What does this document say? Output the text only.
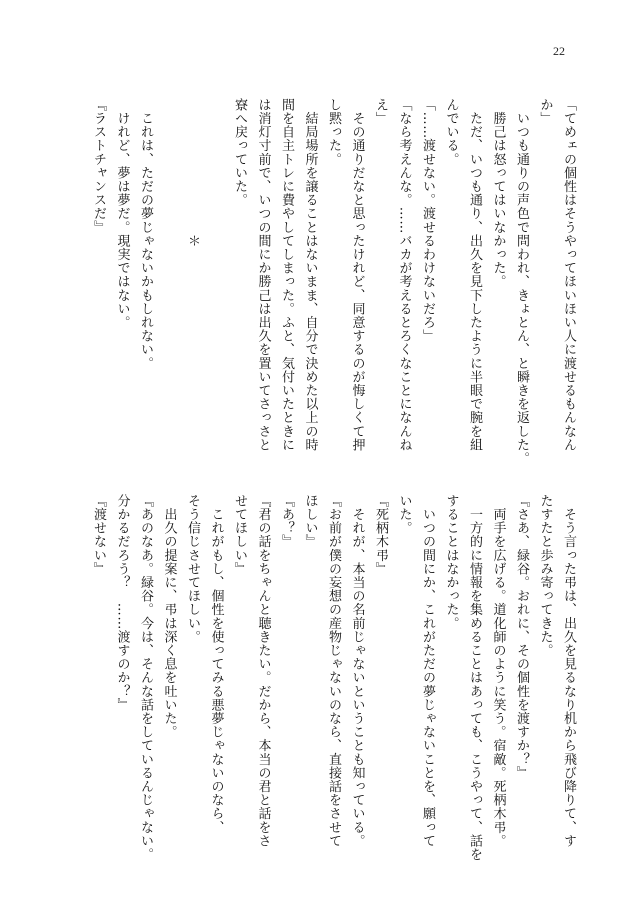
22
「てめェの個性はそうやってほいほい人に渡せるもんなん
か」
　いつも通りの声色で問われ、きょとん、と瞬きを返した。
　勝己は怒ってはいなかった。
　ただ、いつも通り、出久を見下したように半眼で腕を組
んでいる。
「……渡せない。渡せるわけないだろ」
「なら考えんな。……バカが考えるとろくなことになんね
え」
　その通りだなと思ったけれど、同意するのが悔しくて押
し黙った。
　結局場所を譲ることはないまま、自分で決めた以上の時
間を自主トレに費やしてしまった。ふと、気付いたときに
は消灯寸前で、いつの間にか勝己は出久を置いてさっさと
寮へ戻っていた。

　　　　　　　　　　＊

　これは、ただの夢じゃないかもしれない。
　けれど、夢は夢だ。現実ではない。
『ラストチャンスだ』
　そう言った弔は、出久を見るなり机から飛び降りて、す
たすたと歩み寄ってきた。
『さあ、緑谷。おれに、その個性を渡すか？』
　両手を広げる。道化師のように笑う。宿敵。死柄木弔。
　一方的に情報を集めることはあっても、こうやって、話を
することはなかった。
　いつの間にか、これがただの夢じゃないことを、願って
いた。
『死柄木弔』
　それが、本当の名前じゃないということも知っている。
『お前が僕の妄想の産物じゃないのなら、直接話をさせて
ほしい』
『あ？』
『君の話をちゃんと聴きたい。だから、本当の君と話をさ
せてほしい』
　これがもし、個性を使ってみる悪夢じゃないのなら、
そう信じさせてほしい。
　出久の提案に、弔は深く息を吐いた。
『あのなあ。緑谷。今は、そんな話をしているんじゃない。
分かるだろう？　……渡すのか？』
『渡せない』
